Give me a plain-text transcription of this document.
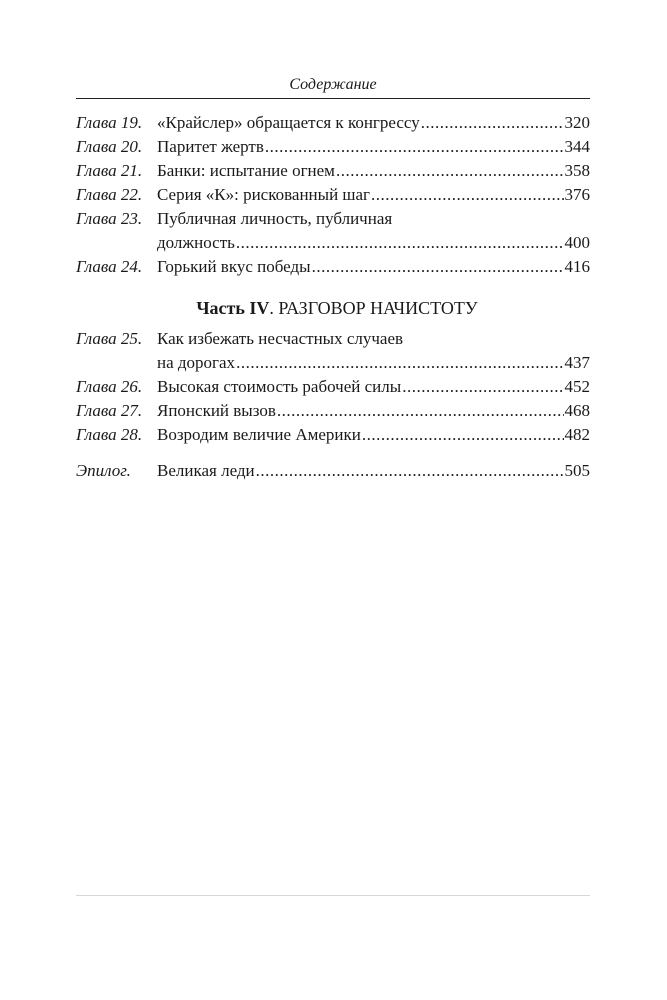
Содержание
Глава 19. «Крайслер» обращается к конгрессу .....	320
Глава 20. Паритет жертв .....	344
Глава 21. Банки: испытание огнем .....	358
Глава 22. Серия «К»: рискованный шаг .....	376
Глава 23. Публичная личность, публичная
должность .....	400
Глава 24. Горький вкус победы .....	416
Часть IV. РАЗГОВОР НАЧИСТОТУ
Глава 25. Как избежать несчастных случаев
на дорогах .....	437
Глава 26. Высокая стоимость рабочей силы .....	452
Глава 27. Японский вызов .....	468
Глава 28. Возродим величие Америки .....	482
Эпилог.	Великая леди .....	505
